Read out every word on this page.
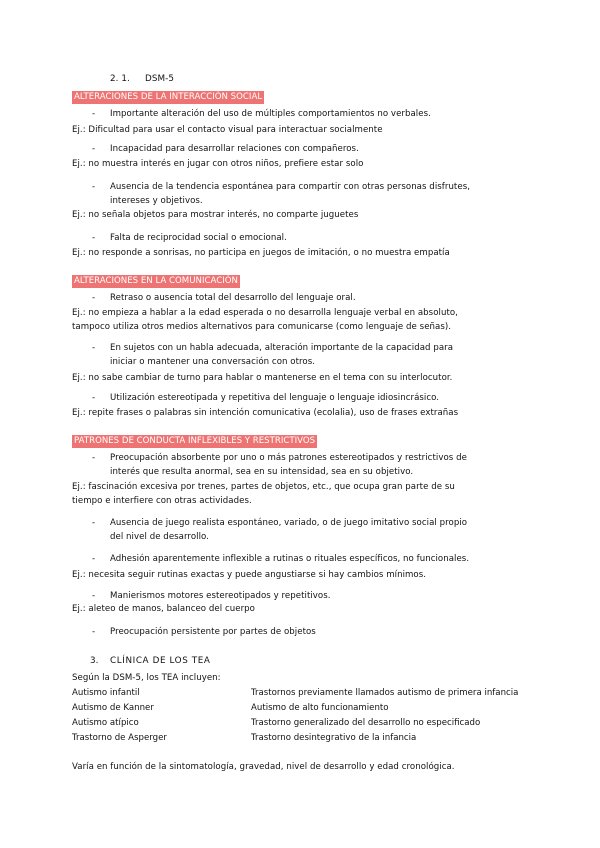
2. 1. DSM-5
ALTERACIONES DE LA INTERACCIÓN SOCIAL
- Importante alteración del uso de múltiples comportamientos no verbales.
Ej.: Dificultad para usar el contacto visual para interactuar socialmente
- Incapacidad para desarrollar relaciones con compañeros.
Ej.: no muestra interés en jugar con otros niños, prefiere estar solo
- Ausencia de la tendencia espontánea para compartir con otras personas disfrutes,
intereses y objetivos.
Ej.: no señala objetos para mostrar interés, no comparte juguetes
- Falta de reciprocidad social o emocional.
Ej.: no responde a sonrisas, no participa en juegos de imitación, o no muestra empatía
ALTERACIONES EN LA COMUNICACIÓN
- Retraso o ausencia total del desarrollo del lenguaje oral.
Ej.: no empieza a hablar a la edad esperada o no desarrolla lenguaje verbal en absoluto,
tampoco utiliza otros medios alternativos para comunicarse (como lenguaje de señas).
- En sujetos con un habla adecuada, alteración importante de la capacidad para
iniciar o mantener una conversación con otros.
Ej.: no sabe cambiar de turno para hablar o mantenerse en el tema con su interlocutor.
- Utilización estereotipada y repetitiva del lenguaje o lenguaje idiosincrásico.
Ej.: repite frases o palabras sin intención comunicativa (ecolalia), uso de frases extrañas
PATRONES DE CONDUCTA INFLEXIBLES Y RESTRICTIVOS
- Preocupación absorbente por uno o más patrones estereotipados y restrictivos de
interés que resulta anormal, sea en su intensidad, sea en su objetivo.
Ej.: fascinación excesiva por trenes, partes de objetos, etc., que ocupa gran parte de su
tiempo e interfiere con otras actividades.
- Ausencia de juego realista espontáneo, variado, o de juego imitativo social propio
del nivel de desarrollo.
- Adhesión aparentemente inflexible a rutinas o rituales específicos, no funcionales.
Ej.: necesita seguir rutinas exactas y puede angustiarse si hay cambios mínimos.
- Manierismos motores estereotipados y repetitivos.
Ej.: aleteo de manos, balanceo del cuerpo
- Preocupación persistente por partes de objetos
3. CLÍNICA DE LOS TEA
Según la DSM-5, los TEA incluyen:
Autismo infantil	Trastornos previamente llamados autismo de primera infancia
Autismo de Kanner	Autismo de alto funcionamiento
Autismo atípico	Trastorno generalizado del desarrollo no especificado
Trastorno de Asperger	Trastorno desintegrativo de la infancia
Varía en función de la sintomatología, gravedad, nivel de desarrollo y edad cronológica.
